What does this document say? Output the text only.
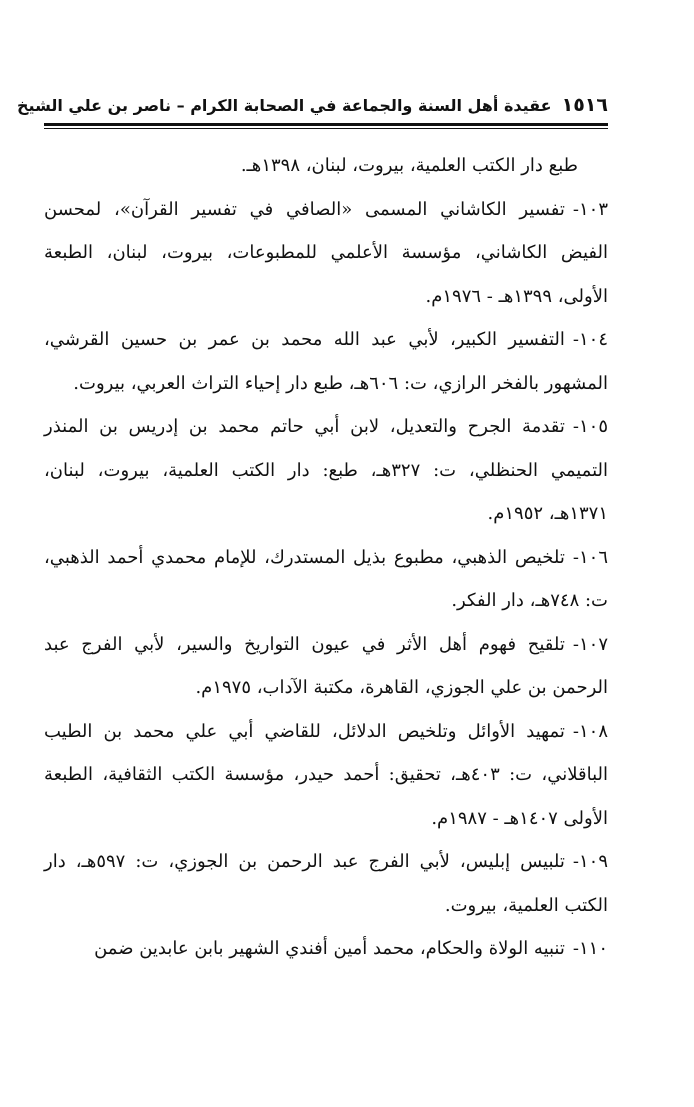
١٥١٦
عقيدة أهل السنة والجماعة في الصحابة الكرام – ناصر بن علي الشيخ

طبع دار الكتب العلمية، بيروت، لبنان، ١٣٩٨هـ.

١٠٣-تفسير الكاشاني المسمى «الصافي في تفسير القرآن»، لمحسن الفيض الكاشاني، مؤسسة الأعلمي للمطبوعات، بيروت، لبنان، الطبعة الأولى، ١٣٩٩هـ - ١٩٧٦م.

١٠٤-التفسير الكبير، لأبي عبد الله محمد بن عمر بن حسين القرشي، المشهور بالفخر الرازي، ت: ٦٠٦هـ، طبع دار إحياء التراث العربي، بيروت.

١٠٥-تقدمة الجرح والتعديل، لابن أبي حاتم محمد بن إدريس بن المنذر التميمي الحنظلي، ت: ٣٢٧هـ، طبع: دار الكتب العلمية، بيروت، لبنان، ١٣٧١هـ، ١٩٥٢م.

١٠٦-تلخيص الذهبي، مطبوع بذيل المستدرك، للإمام محمدي أحمد الذهبي، ت: ٧٤٨هـ، دار الفكر.

١٠٧-تلقيح فهوم أهل الأثر في عيون التواريخ والسير، لأبي الفرج عبد الرحمن بن علي الجوزي، القاهرة، مكتبة الآداب، ١٩٧٥م.

١٠٨-تمهيد الأوائل وتلخيص الدلائل، للقاضي أبي علي محمد بن الطيب الباقلاني، ت: ٤٠٣هـ، تحقيق: أحمد حيدر، مؤسسة الكتب الثقافية، الطبعة الأولى ١٤٠٧هـ - ١٩٨٧م.

١٠٩-تلبيس إبليس، لأبي الفرج عبد الرحمن بن الجوزي، ت: ٥٩٧هـ، دار الكتب العلمية، بيروت.

١١٠-تنبيه الولاة والحكام، محمد أمين أفندي الشهير بابن عابدين ضمن
